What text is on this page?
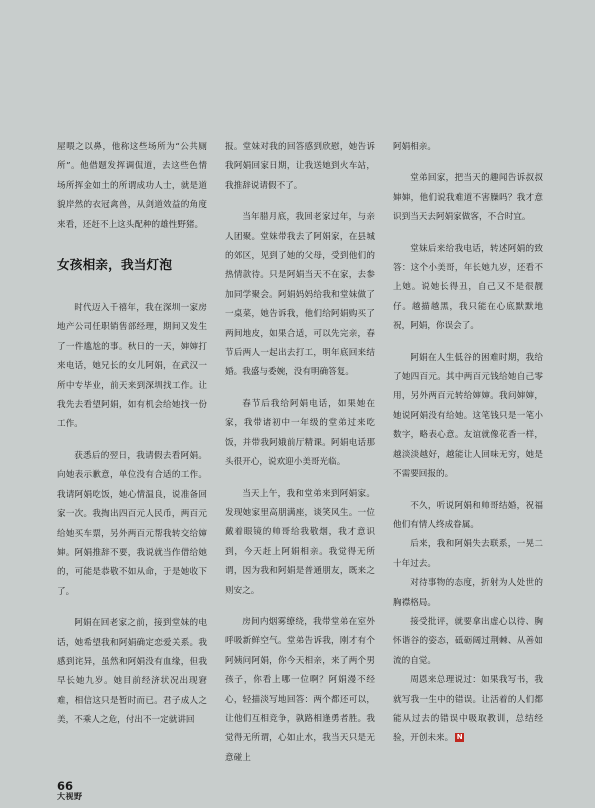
屋喂之以鼻，他称这些场所为“公共厕所”。他借题发挥调侃道，去这些色情场所挥金如土的所谓成功人士，就是道貌岸然的衣冠禽兽，从剑道效益的角度来看，还赶不上这头配种的雄性野猪。

女孩相亲，我当灯泡

时代迈入千禧年，我在深圳一家房地产公司任职销售部经理，期间又发生了一件尴尬的事。秋日的一天，婶婶打来电话，她兄长的女儿阿娟，在武汉一所中专毕业，前天来到深圳找工作。让我先去看望阿娟，如有机会给她找一份工作。

获悉后的翌日，我请假去看阿娟。向她表示歉意，单位没有合适的工作。我请阿娟吃饭，她心情温良，说准备回家一次。我掏出四百元人民币，两百元给她买车票，另外两百元帮我转交给婶婶。阿娟推辞不要，我说就当作借给她的，可能是恭敬不如从命，于是她收下了。

阿娟在回老家之前，接到堂妹的电话，她希望我和阿娟确定恋爱关系。我感到诧异，虽然和阿娟没有血缘，但我早长她九岁。她目前经济状况出现窘难，相信这只是暂时而已。君子成人之美，不乘人之危，付出不一定就讲回

报。堂妹对我的回答感到欣慰，她告诉我阿娟回家日期，让我送她到火车站，我推辞说请假不了。

当年腊月底，我回老家过年，与亲人团聚。堂妹带我去了阿娟家，在县城的郊区，见到了她的父母，受到他们的热情款待。只是阿娟当天不在家，去参加同学聚会。阿娟妈妈给我和堂妹做了一桌菜，她告诉我，他们给阿娟购买了两间地皮，如果合适，可以先完亲，春节后两人一起出去打工，明年底回来结婚。我盛与委婉，没有明确答复。

春节后我给阿娟电话，如果她在家，我带诸初中一年级的堂弟过来吃饭，并带我阿娥前厅精课。阿娟电话那头很开心，说欢迎小美哥光临。

当天上午，我和堂弟来到阿娟家。发现她家里高朋满座，谈笑风生。一位戴着眼镜的帅哥给我敬烟，我才意识到，今天赶上阿娟相亲。我觉得无所谓，因为我和阿娟是普通朋友，既来之则安之。

房间内烟雾缭绕，我带堂弟在室外呼吸新鲜空气。堂弟告诉我，刚才有个阿姨问阿娟，你今天相亲，来了两个男孩子，你看上哪一位啊？阿娟漫不经心，轻描淡写地回答：两个都还可以，让他们互相竞争，孰路相逢勇者胜。我觉得无所谓，心如止水，我当天只是无意碰上

阿娟相亲。

堂弟回家，把当天的趣闻告诉叔叔婶婶，他们说我难道不害臊吗？我才意识到当天去阿娟家做客，不合时宜。

堂妹后来给我电话，转述阿娟的致答：这个小美哥，年长她九岁，还看不上她。说她长得丑，自己又不是很靓仔。越描越黑，我只能在心底默默地祝，阿娟，你误会了。

阿娟在人生低谷的困难时期，我给了她四百元。其中两百元钱给她自己零用，另外两百元转给婶婶。我问婶婶，她说阿娟没有给她。这笔钱只是一笔小数字，略表心意。友谊就像花香一样，越淡淡越好，越能让人回味无穷，她是不需要回报的。

不久，听说阿娟和帅哥结婚，祝福他们有情人终成眷属。

后来，我和阿娟失去联系，一晃二十年过去。

对待事物的态度，折射为人处世的胸襟格局。

接受批评，就要拿出虚心以待、胸怀谐谷的姿态，砥砺阔过荆棘、从善如流的自觉。

周恩来总理说过：如果我写书，我就写我一生中的错误。让活着的人们都能从过去的错误中吸取教训，总结经验，开创未来。 N

66
大视野
